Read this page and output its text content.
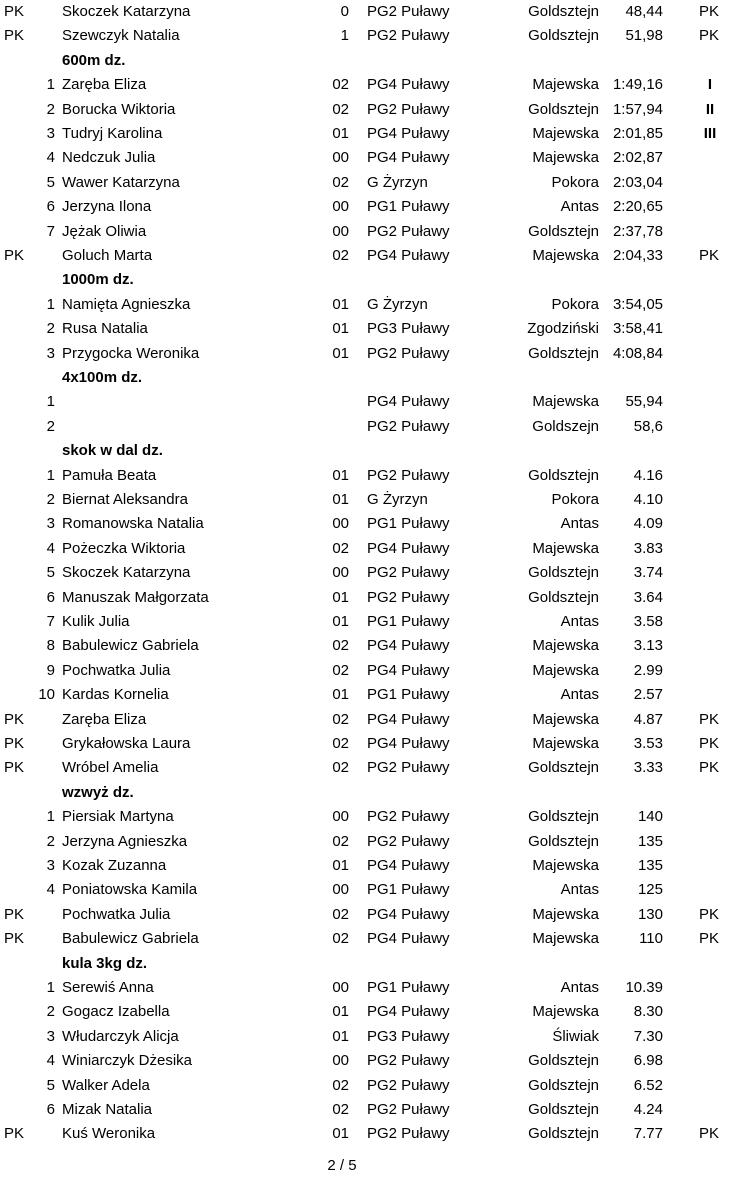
PK	Skoczek Katarzyna	0 PG2 Puławy	Goldsztejn 48,44 PK
PK	Szewczyk Natalia	1 PG2 Puławy	Goldsztejn 51,98 PK
600m dz.
1 Zaręba Eliza	02 PG4 Puławy	Majewska 1:49,16	I
2 Borucka Wiktoria	02 PG2 Puławy	Goldsztejn 1:57,94	II
3 Tudryj Karolina	01 PG4 Puławy	Majewska 2:01,85	III
4 Nedczuk Julia	00 PG4 Puławy	Majewska 2:02,87
5 Wawer Katarzyna	02 G Żyrzyn	Pokora 2:03,04
6 Jerzyna Ilona	00 PG1 Puławy	Antas 2:20,65
7 Jężak Oliwia	00 PG2 Puławy	Goldsztejn 2:37,78
PK	Goluch Marta	02 PG4 Puławy	Majewska 2:04,33 PK
1000m dz.
1 Namięta Agnieszka	01 G Żyrzyn	Pokora 3:54,05
2 Rusa Natalia	01 PG3 Puławy	Zgodziński 3:58,41
3 Przygocka Weronika	01 PG2 Puławy	Goldsztejn 4:08,84
4x100m dz.
1	PG4 Puławy	Majewska 55,94
2	PG2 Puławy	Goldszejn 58,6
skok w dal dz.
1 Pamuła Beata	01 PG2 Puławy	Goldsztejn 4.16
2 Biernat Aleksandra	01 G Żyrzyn	Pokora 4.10
3 Romanowska Natalia	00 PG1 Puławy	Antas 4.09
4 Pożeczka Wiktoria	02 PG4 Puławy	Majewska 3.83
5 Skoczek Katarzyna	00 PG2 Puławy	Goldsztejn 3.74
6 Manuszak Małgorzata	01 PG2 Puławy	Goldsztejn 3.64
7 Kulik Julia	01 PG1 Puławy	Antas 3.58
8 Babulewicz Gabriela	02 PG4 Puławy	Majewska 3.13
9 Pochwatka Julia	02 PG4 Puławy	Majewska 2.99
10 Kardas Kornelia	01 PG1 Puławy	Antas 2.57
PK	Zaręba Eliza	02 PG4 Puławy	Majewska 4.87 PK
PK	Grykałowska Laura	02 PG4 Puławy	Majewska 3.53 PK
PK	Wróbel Amelia	02 PG2 Puławy	Goldsztejn 3.33 PK
wzwyż dz.
1 Piersiak Martyna	00 PG2 Puławy	Goldsztejn	140
2 Jerzyna Agnieszka	02 PG2 Puławy	Goldsztejn	135
3 Kozak Zuzanna	01 PG4 Puławy	Majewska	135
4 Poniatowska Kamila	00 PG1 Puławy	Antas	125
PK	Pochwatka Julia	02 PG4 Puławy	Majewska	130 PK
PK	Babulewicz Gabriela	02 PG4 Puławy	Majewska	110 PK
kula 3kg dz.
1 Serewiś Anna	00 PG1 Puławy	Antas 10.39
2 Gogacz Izabella	01 PG4 Puławy	Majewska 8.30
3 Włudarczyk Alicja	01 PG3 Puławy	Śliwiak 7.30
4 Winiarczyk Dżesika	00 PG2 Puławy	Goldsztejn 6.98
5 Walker Adela	02 PG2 Puławy	Goldsztejn 6.52
6 Mizak Natalia	02 PG2 Puławy	Goldsztejn 4.24
PK	Kuś Weronika	01 PG2 Puławy	Goldsztejn 7.77 PK
2 / 5
